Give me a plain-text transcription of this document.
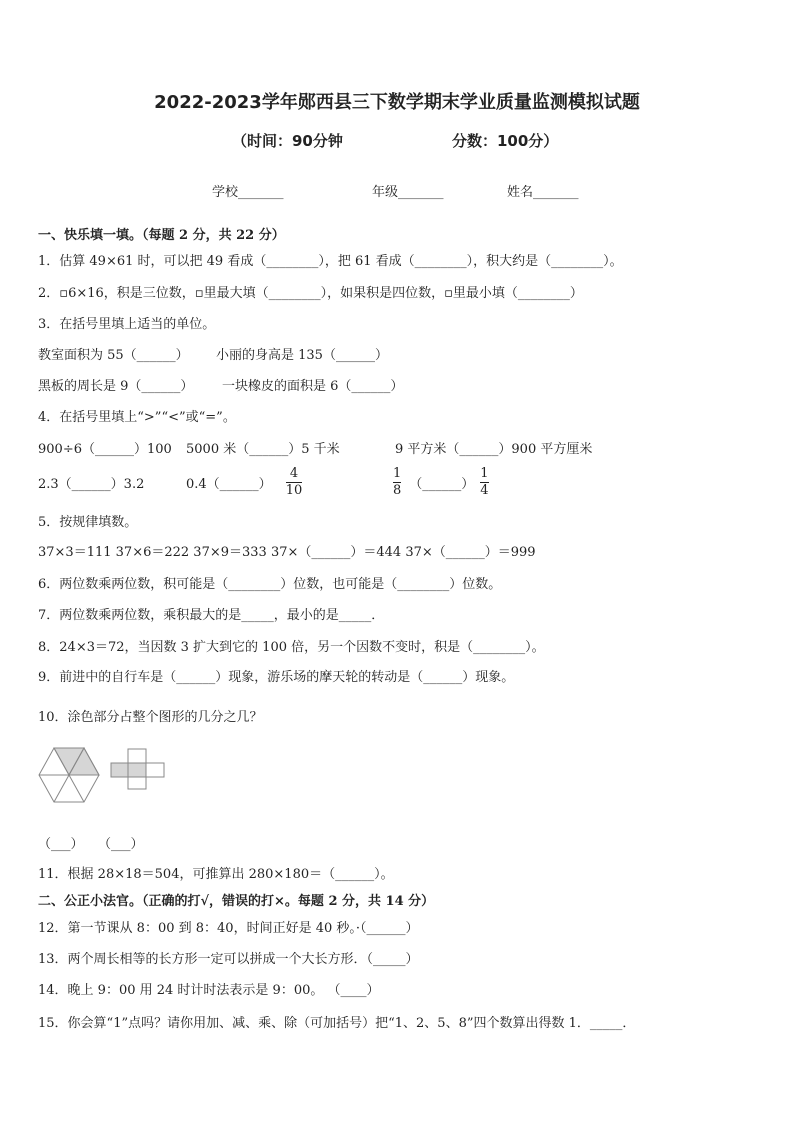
2022-2023学年郧西县三下数学期末学业质量监测模拟试题
（时间：90分钟	分数：100分）
学校_______	年级_______	姓名_______
一、快乐填一填。（每题 2 分，共 22 分）
1．估算 49×61 时，可以把 49 看成（________），把 61 看成（________），积大约是（________）。
2．▫6×16，积是三位数，▫里最大填（________），如果积是四位数，▫里最小填（________）
3．在括号里填上适当的单位。
教室面积为 55（______） 小丽的身高是 135（______）
黑板的周长是 9（______） 一块橡皮的面积是 6（______）
4．在括号里填上“>”“<”或“=”。
900÷6（______）100 5000 米（______）5 千米	9 平方米（______）900 平方厘米
2.3（______）3.2	0.4（______） $\frac{4}{10}$	$\frac{1}{8}$ （______） $\frac{1}{4}$
5．按规律填数。
37×3＝111 37×6＝222 37×9＝333 37×（______）＝444 37×（______）＝999
6．两位数乘两位数，积可能是（________）位数，也可能是（________）位数。
7．两位数乘两位数，乘积最大的是_____，最小的是_____．
8．24×3＝72，当因数 3 扩大到它的 100 倍，另一个因数不变时，积是（________）。
9．前进中的自行车是（______）现象，游乐场的摩天轮的转动是（______）现象。
10．涂色部分占整个图形的几分之几？
（___） （___）
11．根据 28×18＝504，可推算出 280×180＝（______）。
二、公正小法官。（正确的打√，错误的打×。每题 2 分，共 14 分）
12．第一节课从 8：00 到 8：40，时间正好是 40 秒。·（______）
13．两个周长相等的长方形一定可以拼成一个大长方形．（_____）
14．晚上 9：00 用 24 时计时法表示是 9：00。 （____）
15．你会算“1”点吗？请你用加、减、乘、除（可加括号）把“1、2、5、8”四个数算出得数 1．_____．
